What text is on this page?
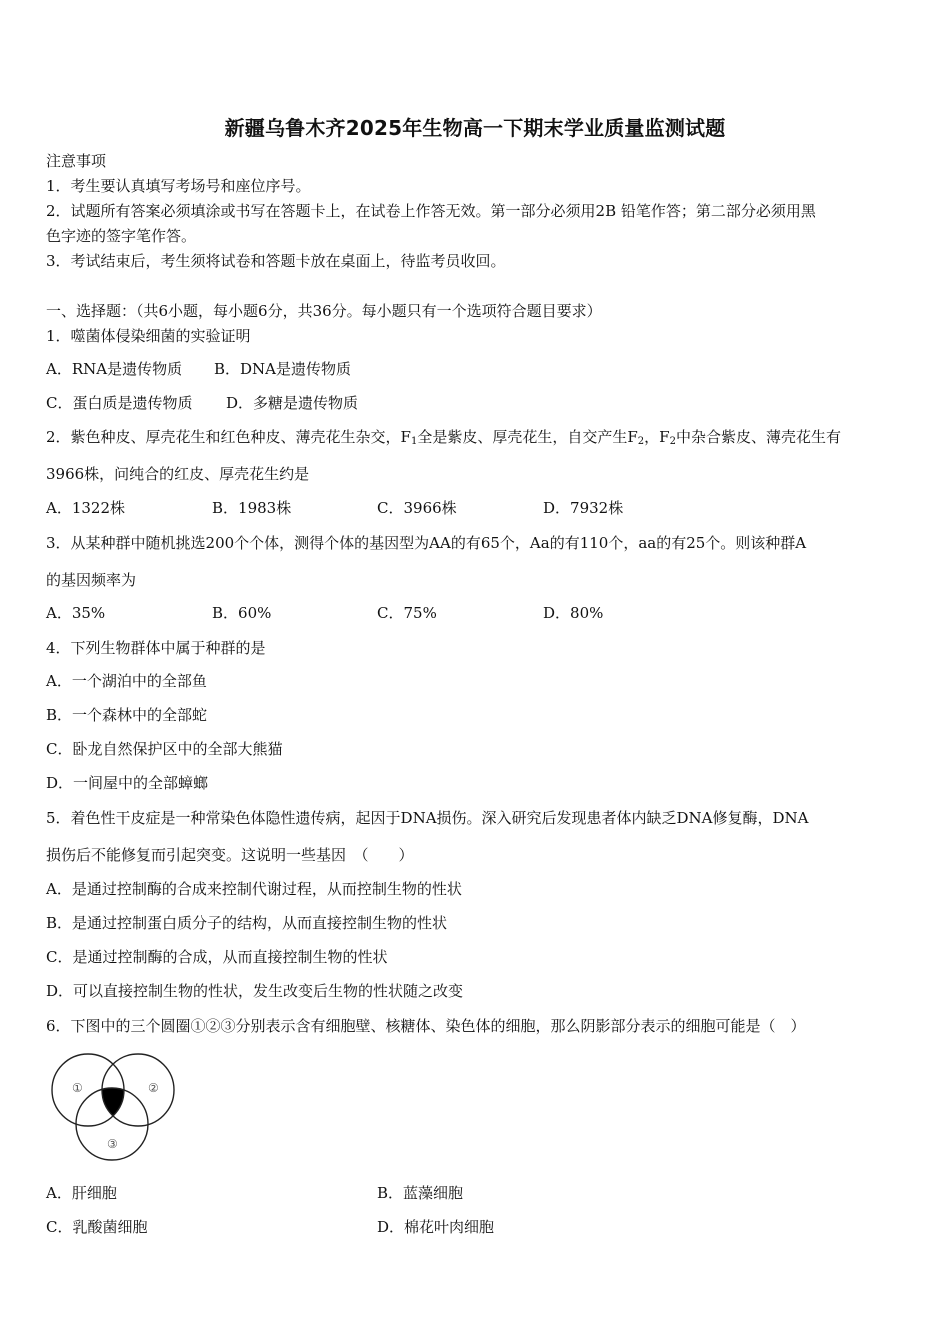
新疆乌鲁木齐2025年生物高一下期末学业质量监测试题
注意事项
1．考生要认真填写考场号和座位序号。
2．试题所有答案必须填涂或书写在答题卡上，在试卷上作答无效。第一部分必须用2B 铅笔作答；第二部分必须用黑
色字迹的签字笔作答。
3．考试结束后，考生须将试卷和答题卡放在桌面上，待监考员收回。
一、选择题：（共6小题，每小题6分，共36分。每小题只有一个选项符合题目要求）
1．噬菌体侵染细菌的实验证明
A．RNA是遗传物质 B．DNA是遗传物质
C．蛋白质是遗传物质 D．多糖是遗传物质
2．紫色种皮、厚壳花生和红色种皮、薄壳花生杂交，$F_1$全是紫皮、厚壳花生，自交产生$F_2$，$F_2$中杂合紫皮、薄壳花生有
3966株，问纯合的红皮、厚壳花生约是
A．1322株	B．1983株	C．3966株	D．7932株
3．从某种群中随机挑选200个个体，测得个体的基因型为AA的有65个，Aa的有110个，aa的有25个。则该种群A
的基因频率为
A．35%	B．60%	C．75%	D．80%
4．下列生物群体中属于种群的是
A．一个湖泊中的全部鱼
B．一个森林中的全部蛇
C．卧龙自然保护区中的全部大熊猫
D．一间屋中的全部蟑螂
5．着色性干皮症是一种常染色体隐性遗传病，起因于DNA损伤。深入研究后发现患者体内缺乏DNA修复酶，DNA
损伤后不能修复而引起突变。这说明一些基因　（　　）
A．是通过控制酶的合成来控制代谢过程，从而控制生物的性状
B．是通过控制蛋白质分子的结构，从而直接控制生物的性状
C．是通过控制酶的合成，从而直接控制生物的性状
D．可以直接控制生物的性状，发生改变后生物的性状随之改变
6．下图中的三个圆圈①②③分别表示含有细胞壁、核糖体、染色体的细胞，那么阴影部分表示的细胞可能是（　）
①	②
③
A．肝细胞	B．蓝藻细胞
C．乳酸菌细胞	D．棉花叶肉细胞
